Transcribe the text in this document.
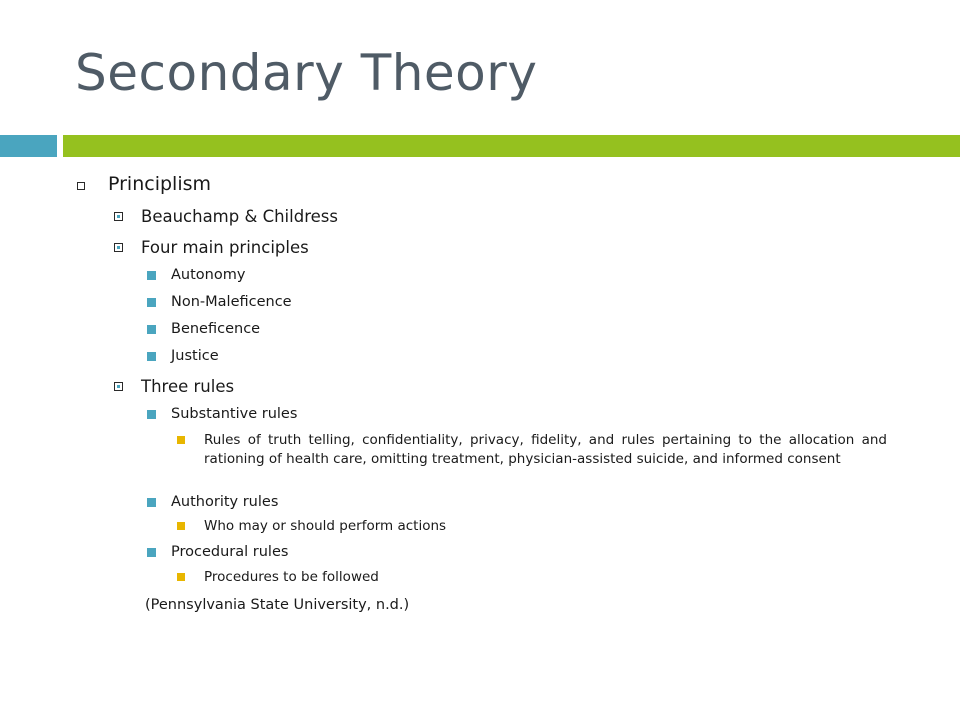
Secondary Theory
Principlism
Beauchamp & Childress
Four main principles
Autonomy
Non-Maleficence
Beneficence
Justice
Three rules
Substantive rules
Rules of truth telling, confidentiality, privacy, fidelity, and rules pertaining to the allocation and rationing of health care, omitting treatment, physician-assisted suicide, and informed consent
Authority rules
Who may or should perform actions
Procedural rules
Procedures to be followed
(Pennsylvania State University, n.d.)
